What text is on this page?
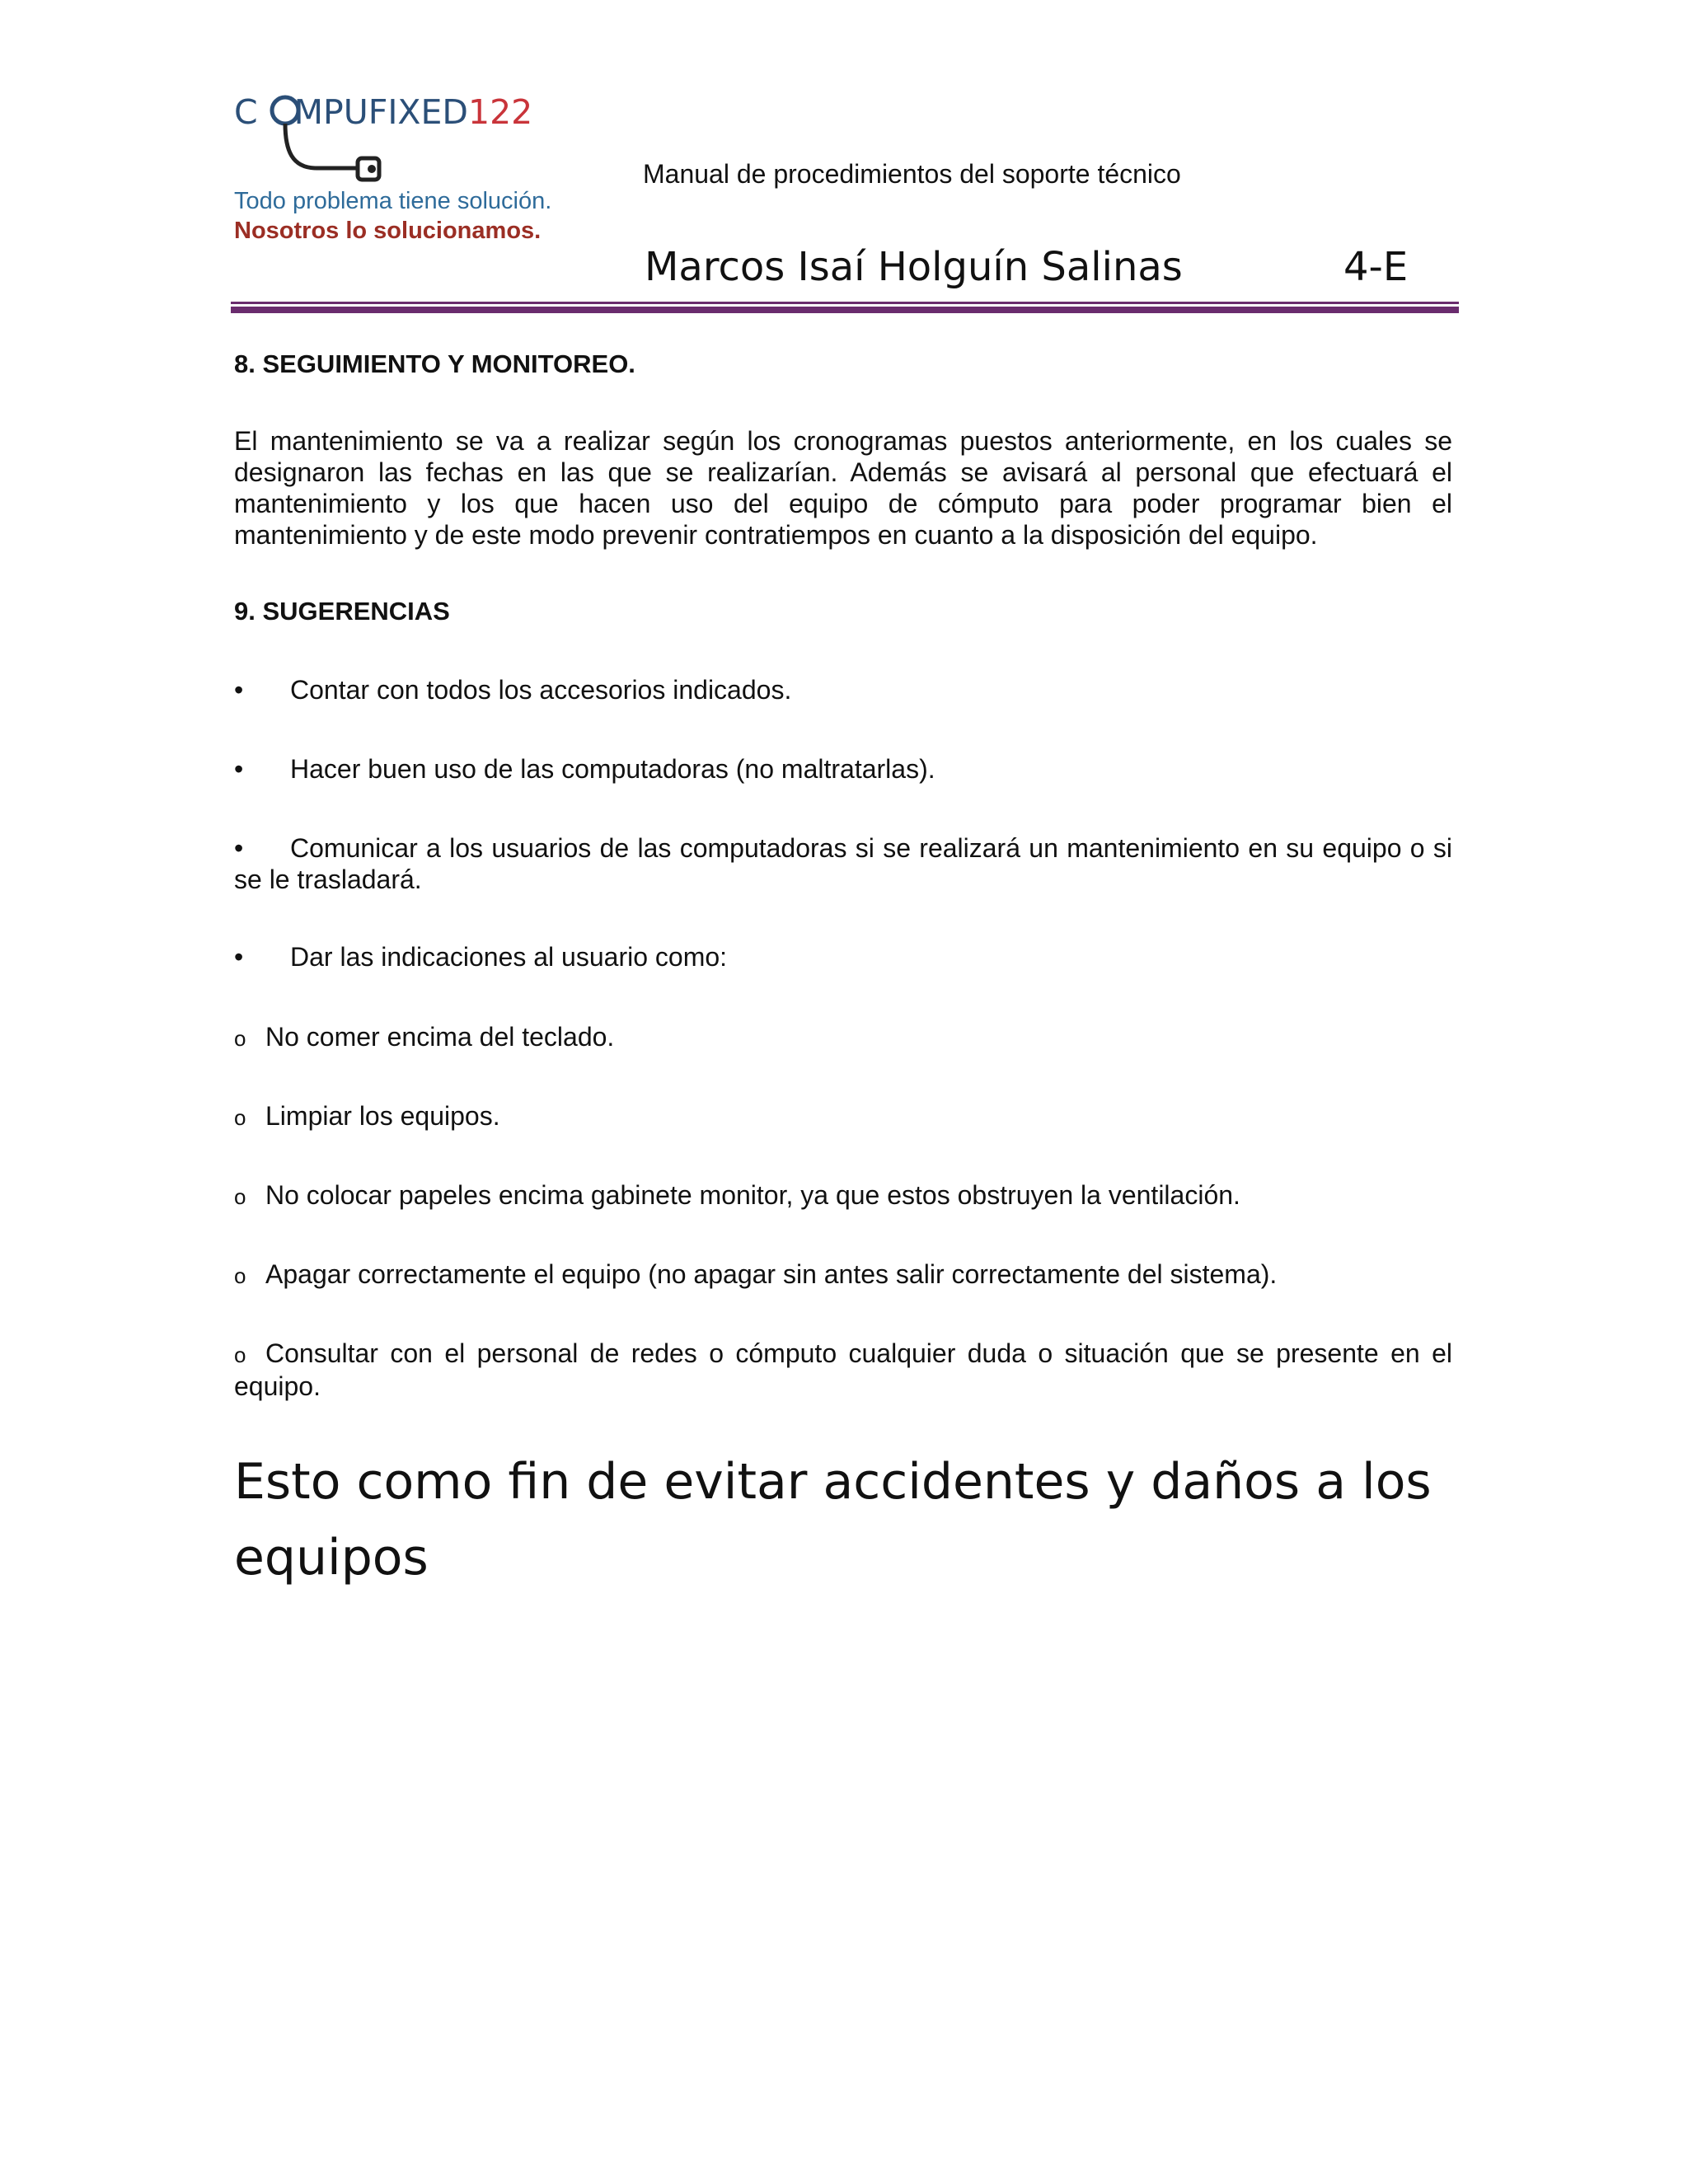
C MPUFIXED122
Todo problema tiene solución.
Nosotros lo solucionamos.
Manual de procedimientos del soporte técnico
Marcos Isaí Holguín Salinas	4-E
8. SEGUIMIENTO Y MONITOREO.
El mantenimiento se va a realizar según los cronogramas puestos anteriormente, en los cuales se designaron las fechas en las que se realizarían. Además se avisará al personal que efectuará el mantenimiento y los que hacen uso del equipo de cómputo para poder programar bien el mantenimiento y de este modo prevenir contratiempos en cuanto a la disposición del equipo.
9. SUGERENCIAS
• Contar con todos los accesorios indicados.
• Hacer buen uso de las computadoras (no maltratarlas).
•	Comunicar a los usuarios de las computadoras si se realizará un mantenimiento en su equipo o si se le trasladará.
• Dar las indicaciones al usuario como:
o No comer encima del teclado.
o Limpiar los equipos.
o No colocar papeles encima gabinete monitor, ya que estos obstruyen la ventilación.
o Apagar correctamente el equipo (no apagar sin antes salir correctamente del sistema).
o Consultar con el personal de redes o cómputo cualquier duda o situación que se presente en el equipo.
Esto como fin de evitar accidentes y daños a los equipos
